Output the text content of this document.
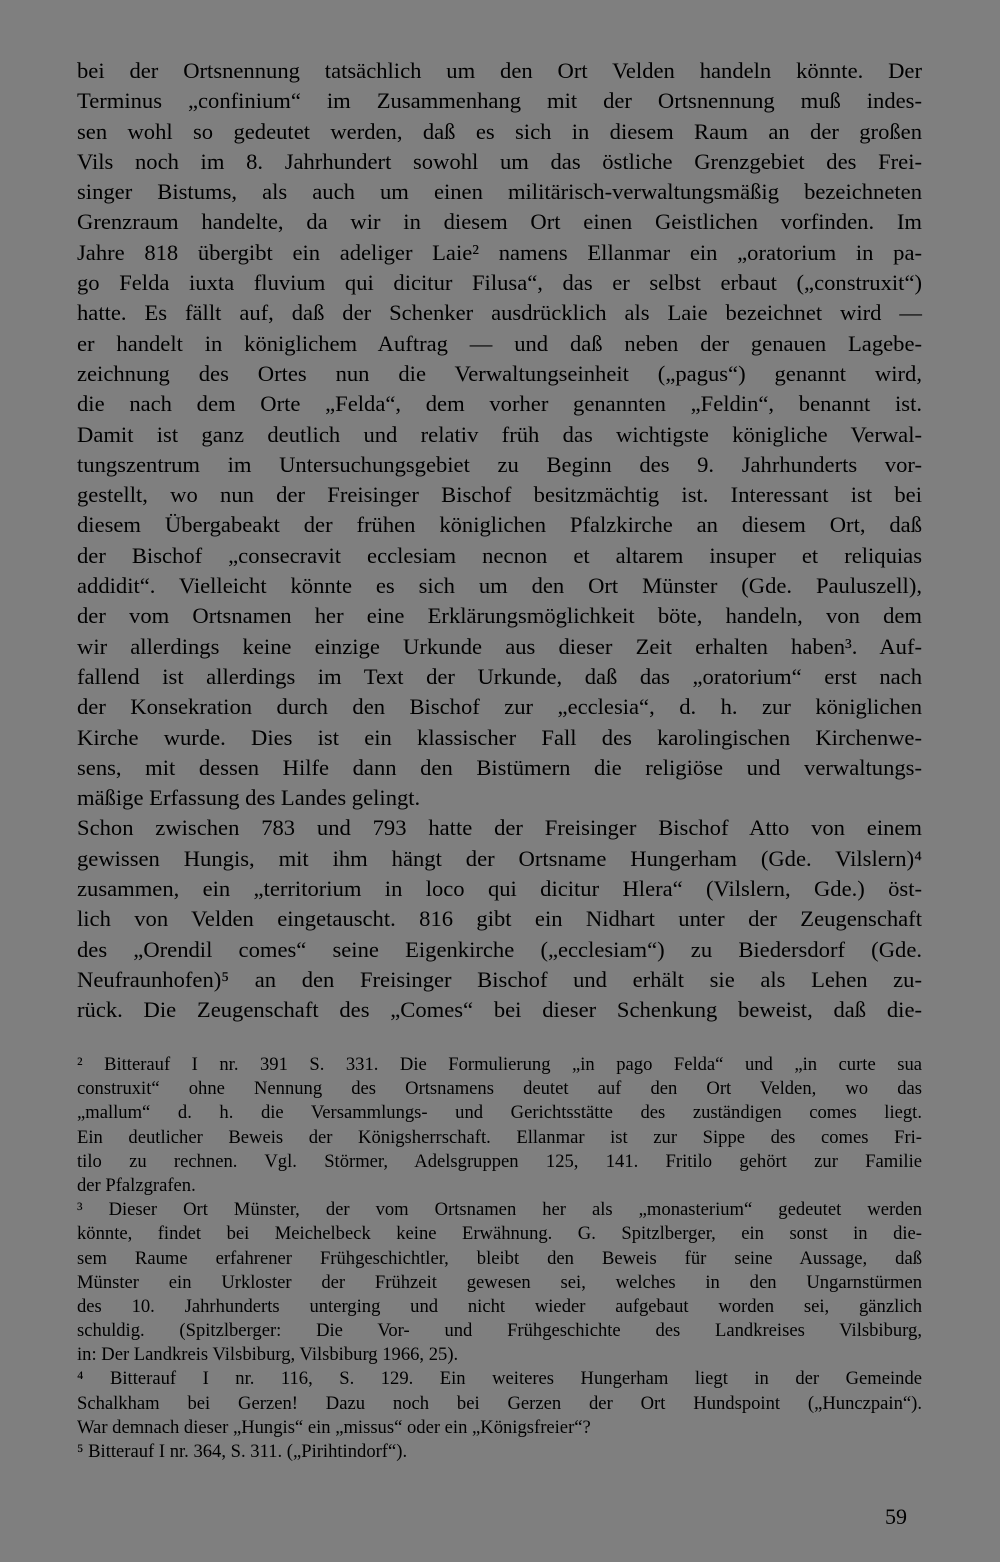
bei der Ortsnennung tatsächlich um den Ort Velden handeln könnte. Der
Terminus „confinium“ im Zusammenhang mit der Ortsnennung muß indes-
sen wohl so gedeutet werden, daß es sich in diesem Raum an der großen
Vils noch im 8. Jahrhundert sowohl um das östliche Grenzgebiet des Frei-
singer Bistums, als auch um einen militärisch-verwaltungsmäßig bezeichneten
Grenzraum handelte, da wir in diesem Ort einen Geistlichen vorfinden. Im
Jahre 818 übergibt ein adeliger Laie² namens Ellanmar ein „oratorium in pa-
go Felda iuxta fluvium qui dicitur Filusa“, das er selbst erbaut („construxit“)
hatte. Es fällt auf, daß der Schenker ausdrücklich als Laie bezeichnet wird —
er handelt in königlichem Auftrag — und daß neben der genauen Lagebe-
zeichnung des Ortes nun die Verwaltungseinheit („pagus“) genannt wird,
die nach dem Orte „Felda“, dem vorher genannten „Feldin“, benannt ist.
Damit ist ganz deutlich und relativ früh das wichtigste königliche Verwal-
tungszentrum im Untersuchungsgebiet zu Beginn des 9. Jahrhunderts vor-
gestellt, wo nun der Freisinger Bischof besitzmächtig ist. Interessant ist bei
diesem Übergabeakt der frühen königlichen Pfalzkirche an diesem Ort, daß
der Bischof „consecravit ecclesiam necnon et altarem insuper et reliquias
addidit“. Vielleicht könnte es sich um den Ort Münster (Gde. Pauluszell),
der vom Ortsnamen her eine Erklärungsmöglichkeit böte, handeln, von dem
wir allerdings keine einzige Urkunde aus dieser Zeit erhalten haben³. Auf-
fallend ist allerdings im Text der Urkunde, daß das „oratorium“ erst nach
der Konsekration durch den Bischof zur „ecclesia“, d. h. zur königlichen
Kirche wurde. Dies ist ein klassischer Fall des karolingischen Kirchenwe-
sens, mit dessen Hilfe dann den Bistümern die religiöse und verwaltungs-
mäßige Erfassung des Landes gelingt.
Schon zwischen 783 und 793 hatte der Freisinger Bischof Atto von einem
gewissen Hungis, mit ihm hängt der Ortsname Hungerham (Gde. Vilslern)⁴
zusammen, ein „territorium in loco qui dicitur Hlera“ (Vilslern, Gde.) öst-
lich von Velden eingetauscht. 816 gibt ein Nidhart unter der Zeugenschaft
des „Orendil comes“ seine Eigenkirche („ecclesiam“) zu Biedersdorf (Gde.
Neufraunhofen)⁵ an den Freisinger Bischof und erhält sie als Lehen zu-
rück. Die Zeugenschaft des „Comes“ bei dieser Schenkung beweist, daß die-
² Bitterauf I nr. 391 S. 331. Die Formulierung „in pago Felda“ und „in curte sua
construxit“ ohne Nennung des Ortsnamens deutet auf den Ort Velden, wo das
„mallum“ d. h. die Versammlungs- und Gerichtsstätte des zuständigen comes liegt.
Ein deutlicher Beweis der Königsherrschaft. Ellanmar ist zur Sippe des comes Fri-
tilo zu rechnen. Vgl. Störmer, Adelsgruppen 125, 141. Fritilo gehört zur Familie
der Pfalzgrafen.
³ Dieser Ort Münster, der vom Ortsnamen her als „monasterium“ gedeutet werden
könnte, findet bei Meichelbeck keine Erwähnung. G. Spitzlberger, ein sonst in die-
sem Raume erfahrener Frühgeschichtler, bleibt den Beweis für seine Aussage, daß
Münster ein Urkloster der Frühzeit gewesen sei, welches in den Ungarnstürmen
des 10. Jahrhunderts unterging und nicht wieder aufgebaut worden sei, gänzlich
schuldig. (Spitzlberger: Die Vor- und Frühgeschichte des Landkreises Vilsbiburg,
in: Der Landkreis Vilsbiburg, Vilsbiburg 1966, 25).
⁴ Bitterauf I nr. 116, S. 129. Ein weiteres Hungerham liegt in der Gemeinde
Schalkham bei Gerzen! Dazu noch bei Gerzen der Ort Hundspoint („Hunczpain“).
War demnach dieser „Hungis“ ein „missus“ oder ein „Königsfreier“?
⁵ Bitterauf I nr. 364, S. 311. („Pirihtindorf“).
59
